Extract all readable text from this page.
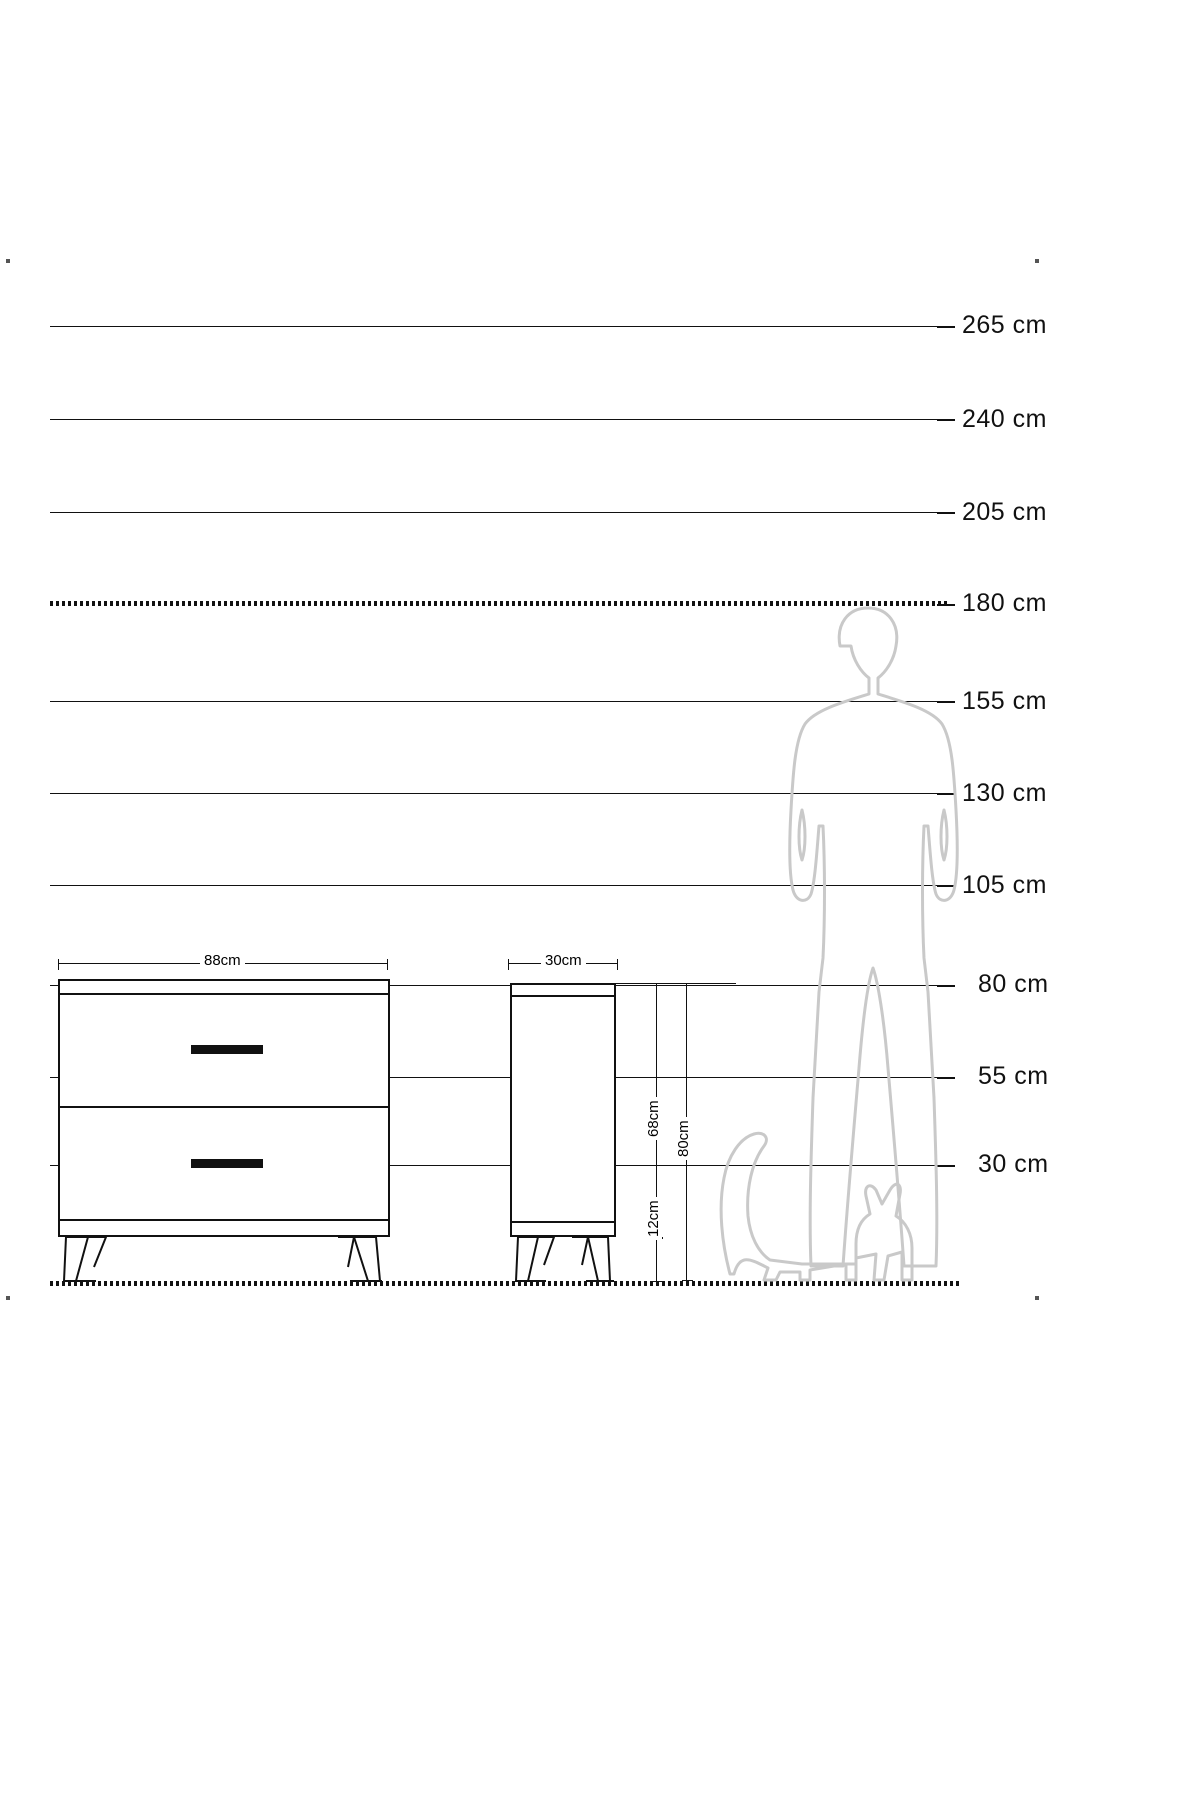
265 cm
240 cm
205 cm
180 cm
155 cm
130 cm
105 cm
80 cm
55 cm
30 cm
88cm	30cm
68cm
80cm
12cm
